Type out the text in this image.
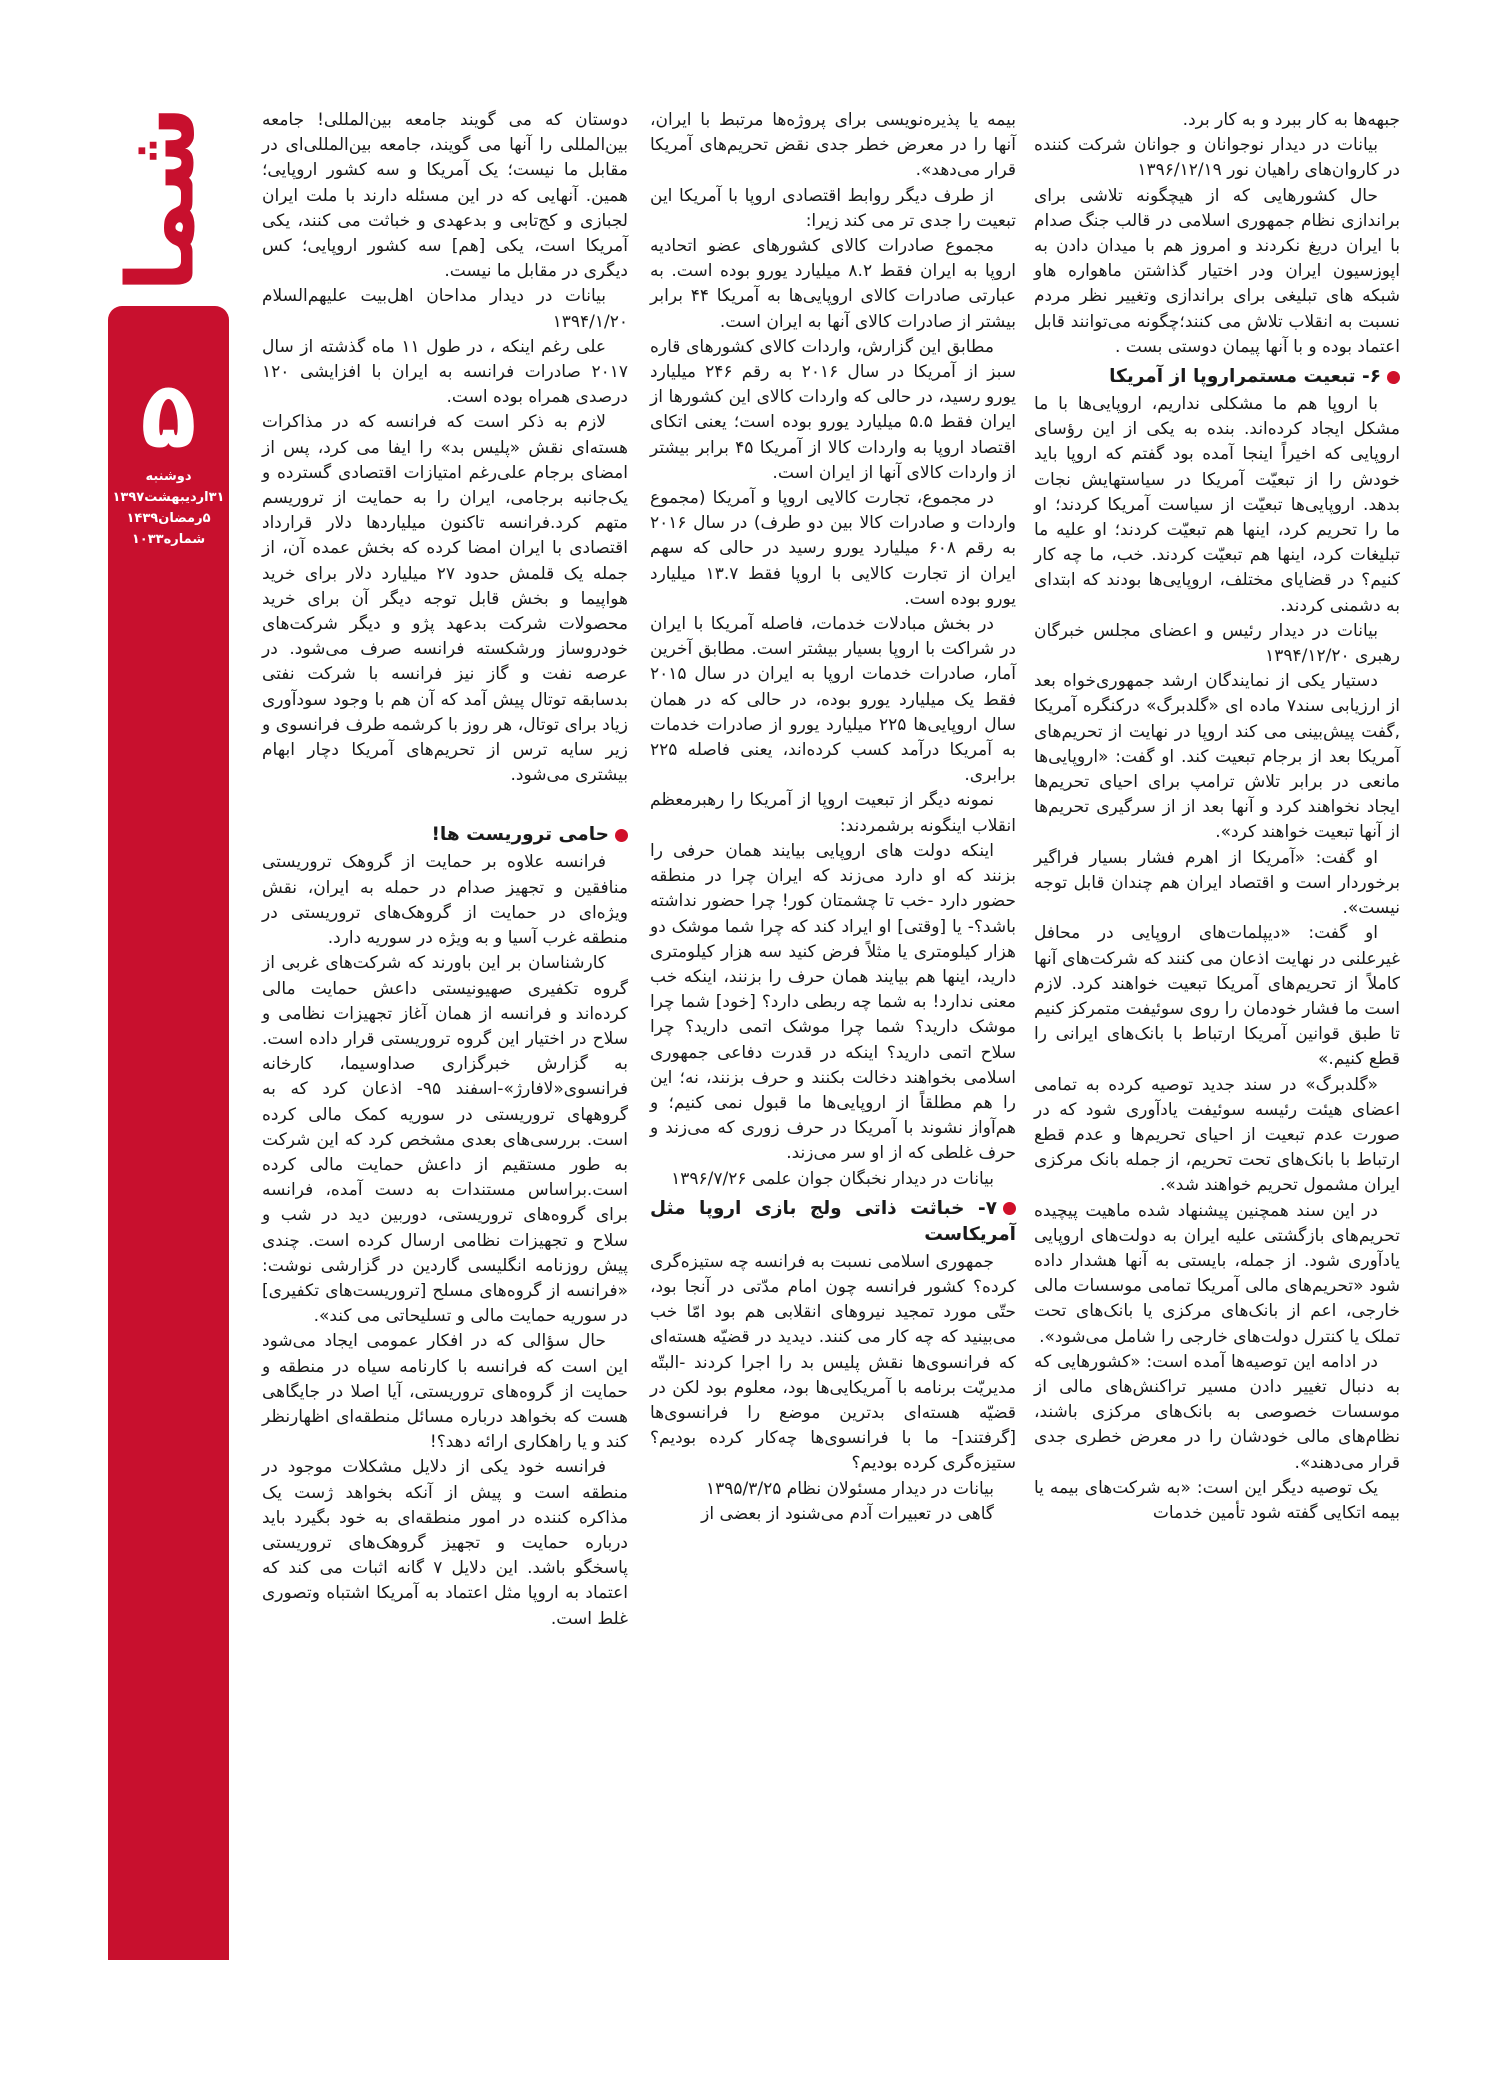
شما
۵
دوشنبه
۳۱اردیبهشت۱۳۹۷
۵رمضان۱۴۳۹
شماره۱۰۳۳

جبهه‌ها به کار ببرد و به کار برد.

بیانات در دیدار نوجوانان و جوانان شرکت کننده در کاروان‌های راهیان نور ۱۳۹۶/۱۲/۱۹

حال کشورهایی که از هیچگونه تلاشی برای براندازی نظام جمهوری اسلامی در قالب جنگ صدام با ایران دریغ نکردند و امروز هم با میدان دادن به اپوزسیون ایران ودر اختیار گذاشتن ماهواره هاو شبکه های تبلیغی برای براندازی وتغییر نظر مردم نسبت به انقلاب تلاش می کنند؛چگونه می‌توانند قابل اعتماد بوده و با آنها پیمان دوستی بست .

۶- تبعیت مستمراروپا از آمریکا

با اروپا هم ما مشکلی نداریم، اروپایی‌ها با ما مشکل ایجاد کرده‌اند. بنده به یکی از این رؤسای اروپایی که اخیراً اینجا آمده بود گفتم که اروپا باید خودش را از تبعیّت آمریکا در سیاستهایش نجات بدهد. اروپایی‌ها تبعیّت از سیاست آمریکا کردند؛ او ما را تحریم کرد، اینها هم تبعیّت کردند؛ او علیه ما تبلیغات کرد، اینها هم تبعیّت کردند. خب، ما چه کار کنیم؟ در قضایای مختلف، اروپایی‌ها بودند که ابتدای به دشمنی کردند.

بیانات در دیدار رئیس و اعضای مجلس خبرگان رهبری ۱۳۹۴/۱۲/۲۰

دستیار یکی از نمایندگان ارشد جمهوری‌خواه بعد از ارزیابی سند۷ ماده ای «گلدبرگ» درکنگره آمریکا ,گفت پیش‌بینی می کند اروپا در نهایت از تحریم‌های آمریکا بعد از برجام تبعیت کند. او گفت: «اروپایی‌ها مانعی در برابر تلاش ترامپ برای احیای تحریم‌ها ایجاد نخواهند کرد و آنها بعد از از سرگیری تحریم‌ها از آنها تبعیت خواهند کرد».

او گفت: «آمریکا از اهرم فشار بسیار فراگیر برخوردار است و اقتصاد ایران هم چندان قابل توجه نیست».

او گفت: «دیپلمات‌های اروپایی در محافل غیرعلنی در نهایت اذعان می کنند که شرکت‌های آنها کاملاً از تحریم‌های آمریکا تبعیت خواهند کرد. لازم است ما فشار خودمان را روی سوئیفت متمرکز کنیم تا طبق قوانین آمریکا ارتباط با بانک‌های ایرانی را قطع کنیم.»

«گلدبرگ» در سند جدید توصیه کرده به تمامی اعضای هیئت رئیسه سوئیفت یادآوری شود که در صورت عدم تبعیت از احیای تحریم‌ها و عدم قطع ارتباط با بانک‌های تحت تحریم، از جمله بانک مرکزی ایران مشمول تحریم خواهند شد».

در این سند همچنین پیشنهاد شده ماهیت پیچیده تحریم‌های بازگشتی علیه ایران به دولت‌های اروپایی یادآوری شود. از جمله، بایستی به آنها هشدار داده شود «تحریم‌های مالی آمریکا تمامی موسسات مالی خارجی، اعم از بانک‌های مرکزی یا بانک‌های تحت تملک یا کنترل دولت‌های خارجی را شامل می‌شود».

در ادامه این توصیه‌ها آمده است: «کشورهایی که به دنبال تغییر دادن مسیر تراکنش‌های مالی از موسسات خصوصی به بانک‌های مرکزی باشند، نظام‌های مالی خودشان را در معرض خطری جدی قرار می‌دهند».

یک توصیه دیگر این است: «به شرکت‌های بیمه یا بیمه اتکایی گفته شود تأمین خدمات

بیمه یا پذیره‌نویسی برای پروژه‌ها مرتبط با ایران، آنها را در معرض خطر جدی نقض تحریم‌های آمریکا قرار می‌دهد».

از طرف دیگر روابط اقتصادی اروپا با آمریکا این تبعیت را جدی تر می کند زیرا:

مجموع صادرات کالای کشورهای عضو اتحادیه اروپا به ایران فقط ۸.۲ میلیارد یورو بوده است. به عبارتی صادرات کالای اروپایی‌ها به آمریکا ۴۴ برابر بیشتر از صادرات کالای آنها به ایران است.

مطابق این گزارش، واردات کالای کشورهای قاره سبز از آمریکا در سال ۲۰۱۶ به رقم ۲۴۶ میلیارد یورو رسید، در حالی که واردات کالای این کشورها از ایران فقط ۵.۵ میلیارد یورو بوده است؛ یعنی اتکای اقتصاد اروپا به واردات کالا از آمریکا ۴۵ برابر بیشتر از واردات کالای آنها از ایران است.

در مجموع، تجارت کالایی اروپا و آمریکا (مجموع واردات و صادرات کالا بین دو طرف) در سال ۲۰۱۶ به رقم ۶۰۸ میلیارد یورو رسید در حالی که سهم ایران از تجارت کالایی با اروپا فقط ۱۳.۷ میلیارد یورو بوده است.

در بخش مبادلات خدمات، فاصله آمریکا با ایران در شراکت با اروپا بسیار بیشتر است. مطابق آخرین آمار، صادرات خدمات اروپا به ایران در سال ۲۰۱۵ فقط یک میلیارد یورو بوده، در حالی که در همان سال اروپایی‌ها ۲۲۵ میلیارد یورو از صادرات خدمات به آمریکا درآمد کسب کرده‌اند، یعنی فاصله ۲۲۵ برابری.

نمونه دیگر از تبعیت اروپا از آمریکا را رهبرمعظم انقلاب اینگونه برشمردند:

اینکه دولت های اروپایی بیایند همان حرفی را بزنند که او دارد می‌زند که ایران چرا در منطقه حضور دارد -خب تا چشمتان کور! چرا حضور نداشته باشد؟- یا [وقتی] او ایراد کند که چرا شما موشک دو هزار کیلومتری یا مثلاً فرض کنید سه هزار کیلومتری دارید، اینها هم بیایند همان حرف را بزنند، اینکه خب معنی ندارد! به شما چه ربطی دارد؟ [خود] شما چرا موشک دارید؟ شما چرا موشک اتمی دارید؟ چرا سلاح اتمی دارید؟ اینکه در قدرت دفاعی جمهوری اسلامی بخواهند دخالت بکنند و حرف بزنند، نه؛ این را هم مطلقاً از اروپایی‌ها ما قبول نمی کنیم؛ و هم‌آواز نشوند با آمریکا در حرف زوری که می‌زند و حرف غلطی که از او سر می‌زند.

بیانات در دیدار نخبگان جوان علمی ۱۳۹۶/۷/۲۶

۷- خباثت ذاتی ولج بازی اروپا مثل آمریکاست

جمهوری اسلامی نسبت به فرانسه چه ستیزه‌گری کرده؟ کشور فرانسه چون امام مدّتی در آنجا بود، حتّی مورد تمجید نیروهای انقلابی هم بود امّا خب می‌بینید که چه کار می کنند. دیدید در قضیّه هسته‌ای که فرانسوی‌ها نقش پلیس بد را اجرا کردند -البتّه مدیریّت برنامه با آمریکایی‌ها بود، معلوم بود لکن در قضیّه هسته‌ای بدترین موضع را فرانسوی‌ها [گرفتند]- ما با فرانسوی‌ها چه‌کار کرده بودیم؟ ستیزه‌گری کرده بودیم؟

بیانات در دیدار مسئولان نظام ۱۳۹۵/۳/۲۵

گاهی در تعبیرات آدم می‌شنود از بعضی از

دوستان که می گویند جامعه بین‌المللی! جامعه بین‌المللی را آنها می گویند، جامعه بین‌المللی‌ای در مقابل ما نیست؛ یک آمریکا و سه کشور اروپایی؛ همین. آنهایی که در این مسئله دارند با ملت ایران لجبازی و کج‌تابی و بدعهدی و خباثت می کنند، یکی آمریکا است، یکی [هم] سه کشور اروپایی؛ کس دیگری در مقابل ما نیست.

بیانات در دیدار مداحان اهل‌بیت علیهم‌السلام ۱۳۹۴/۱/۲۰

علی رغم اینکه ، در طول ۱۱ ماه گذشته از سال ۲۰۱۷ صادرات فرانسه به ایران با افزایشی ۱۲۰ درصدی همراه بوده است.

لازم به ذکر است که فرانسه که در مذاکرات هسته‌ای نقش «پلیس بد» را ایفا می کرد، پس از امضای برجام علی‌رغم امتیازات اقتصادی گسترده و یک‌جانبه برجامی، ایران را به حمایت از تروریسم متهم کرد.فرانسه تاکنون میلیاردها دلار قرارداد اقتصادی با ایران امضا کرده که بخش عمده آن، از جمله یک قلمش حدود ۲۷ میلیارد دلار برای خرید هواپیما و بخش قابل توجه دیگر آن برای خرید محصولات شرکت بدعهد پژو و دیگر شرکت‌های خودروساز ورشکسته فرانسه صرف می‌شود. در عرصه نفت و گاز نیز فرانسه با شرکت نفتی بدسابقه توتال پیش آمد که آن هم با وجود سودآوری زیاد برای توتال، هر روز با کرشمه طرف فرانسوی و زیر سایه ترس از تحریم‌های آمریکا دچار ابهام بیشتری می‌شود.

حامی تروریست ها!

فرانسه علاوه بر حمایت از گروهک تروریستی منافقین و تجهیز صدام در حمله به ایران، نقش ویژه‌ای در حمایت از گروهک‌های تروریستی در منطقه غرب آسیا و به ویژه در سوریه دارد.

کارشناسان بر این باورند که شرکت‌های غربی از گروه تکفیری صهیونیستی داعش حمایت مالی کرده‌اند و فرانسه از همان آغاز تجهیزات نظامی و سلاح در اختیار این گروه تروریستی قرار داده است. به گزارش خبرگزاری صداوسیما، کارخانه فرانسوی«لافارژ»-اسفند ۹۵- اذعان کرد که به گروههای تروریستی در سوریه کمک مالی کرده است. بررسی‌های بعدی مشخص کرد که این شرکت به طور مستقیم از داعش حمایت مالی کرده است.براساس مستندات به دست آمده، فرانسه برای گروه‌های تروریستی، دوربین دید در شب و سلاح و تجهیزات نظامی ارسال کرده است. چندی پیش روزنامه انگلیسی گاردین در گزارشی نوشت: «فرانسه از گروه‌های مسلح [تروریست‌های تکفیری] در سوریه حمایت مالی و تسلیحاتی می کند».

حال سؤالی که در افکار عمومی ایجاد می‌شود این است که فرانسه با کارنامه سیاه در منطقه و حمایت از گروه‌های تروریستی، آیا اصلا در جایگاهی هست که بخواهد درباره مسائل منطقه‌ای اظهارنظر کند و یا راهکاری ارائه دهد؟!

فرانسه خود یکی از دلایل مشکلات موجود در منطقه است و پیش از آنکه بخواهد ژست یک مذاکره کننده در امور منطقه‌ای به خود بگیرد باید درباره حمایت و تجهیز گروهک‌های تروریستی پاسخگو باشد. این دلایل ۷ گانه اثبات می کند که اعتماد به اروپا مثل اعتماد به آمریکا اشتباه وتصوری غلط است.
